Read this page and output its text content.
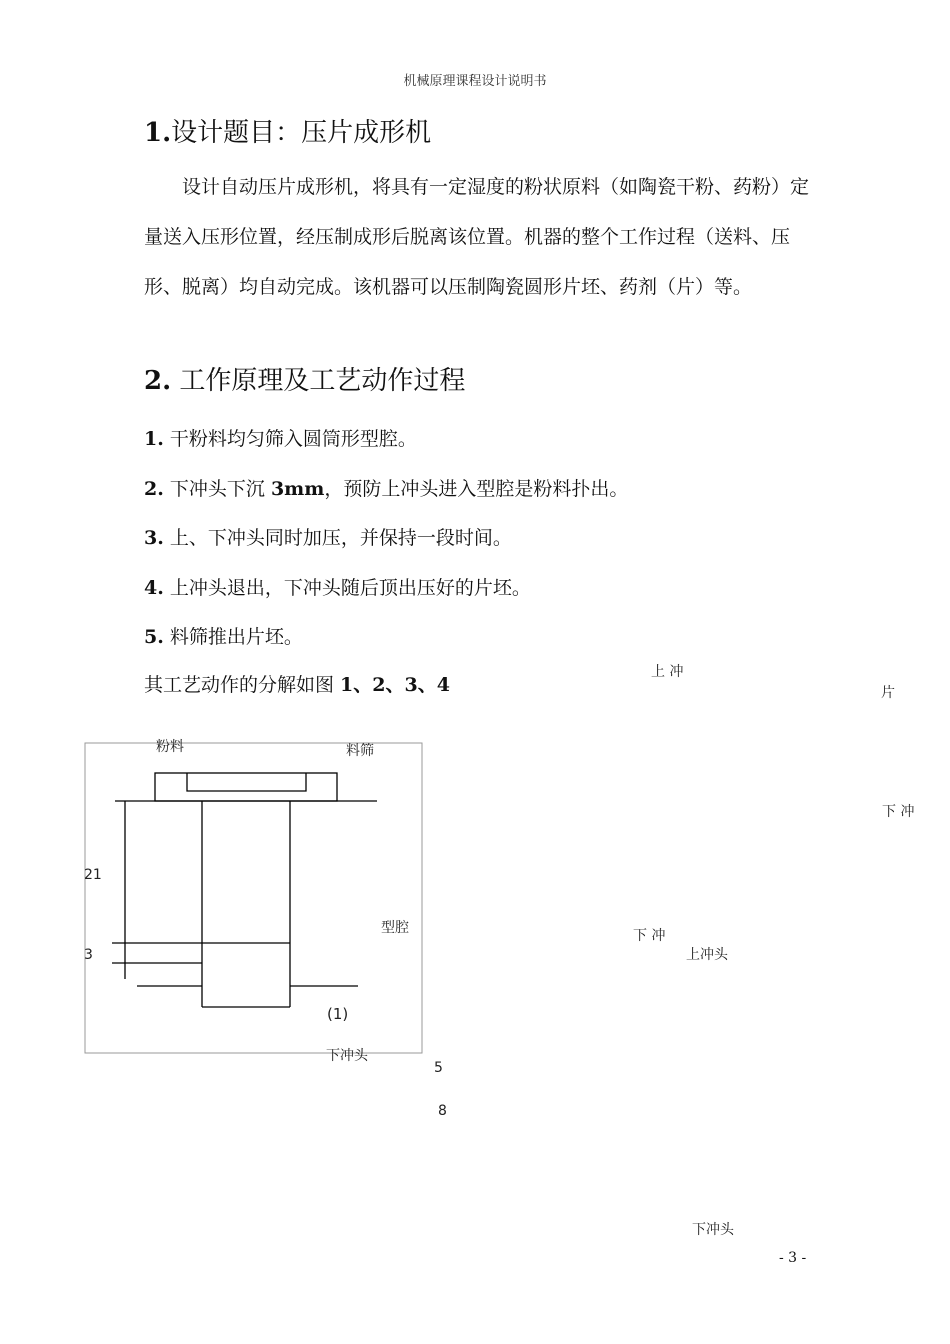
机械原理课程设计说明书
1.设计题目：压片成形机
设计自动压片成形机，将具有一定湿度的粉状原料（如陶瓷干粉、药粉）定量送入压形位置，经压制成形后脱离该位置。机器的整个工作过程（送料、压形、脱离）均自动完成。该机器可以压制陶瓷圆形片坯、药剂（片）等。
2. 工作原理及工艺动作过程
1. 干粉料均匀筛入圆筒形型腔。
2. 下冲头下沉 3mm，预防上冲头进入型腔是粉料扑出。
3. 上、下冲头同时加压，并保持一段时间。
4. 上冲头退出，下冲头随后顶出压好的片坯。
5. 料筛推出片坯。
其工艺动作的分解如图 1、2、3、4
粉料	料筛
21
3
型腔
(1)
下冲头
上 冲
片
下 冲
下 冲
上冲头
5
8
下冲头
- 3 -
